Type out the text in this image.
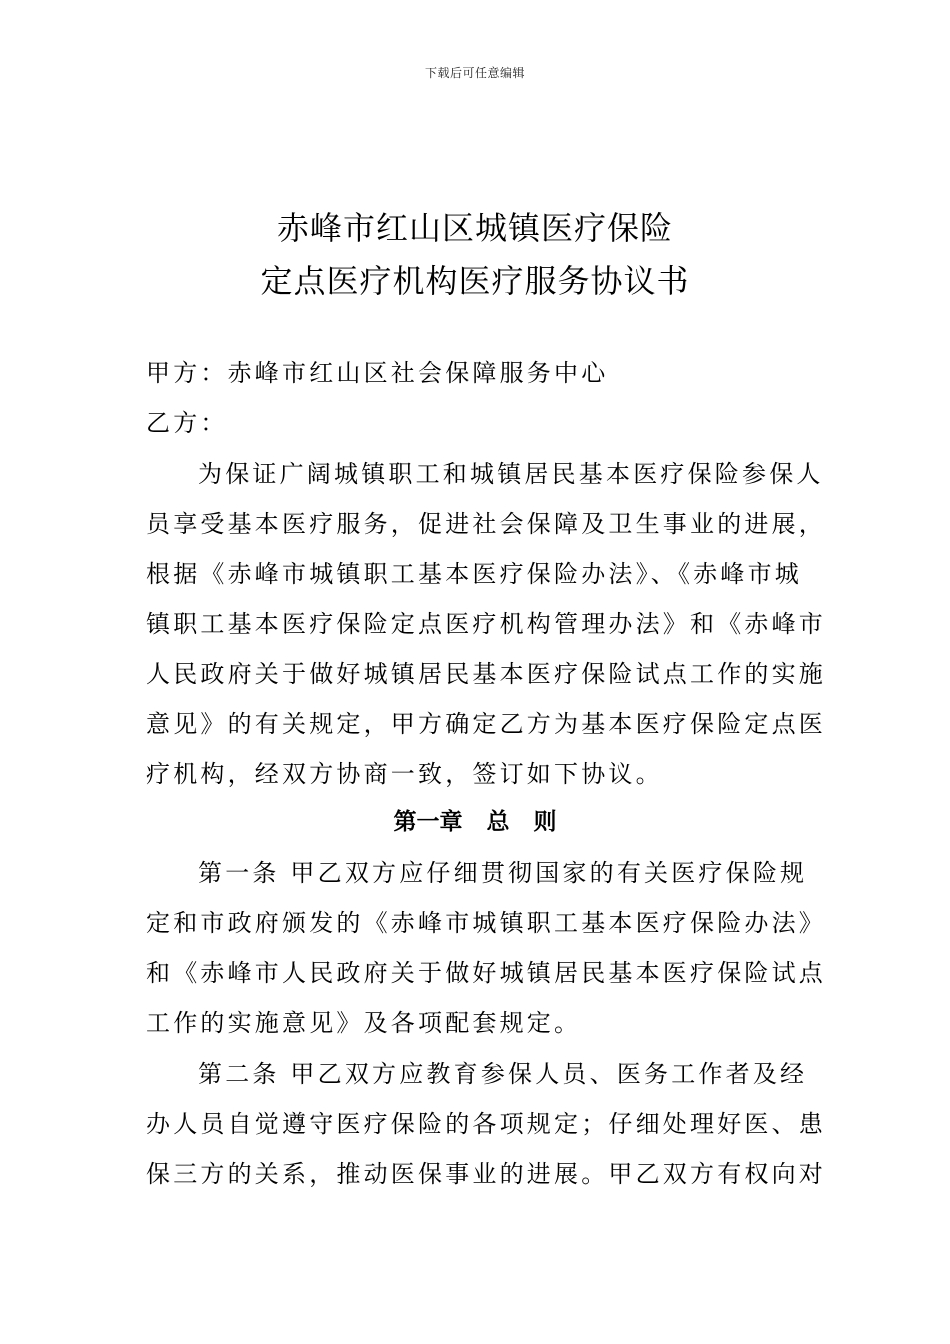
下载后可任意编辑
赤峰市红山区城镇医疗保险
定点医疗机构医疗服务协议书
甲方：赤峰市红山区社会保障服务中心
乙方：
为保证广阔城镇职工和城镇居民基本医疗保险参保人
员享受基本医疗服务，促进社会保障及卫生事业的进展，
根据《赤峰市城镇职工基本医疗保险办法》、《赤峰市城
镇职工基本医疗保险定点医疗机构管理办法》和《赤峰市
人民政府关于做好城镇居民基本医疗保险试点工作的实施
意见》的有关规定，甲方确定乙方为基本医疗保险定点医
疗机构，经双方协商一致，签订如下协议。
第一章   总   则
第一条 甲乙双方应仔细贯彻国家的有关医疗保险规
定和市政府颁发的《赤峰市城镇职工基本医疗保险办法》
和《赤峰市人民政府关于做好城镇居民基本医疗保险试点
工作的实施意见》及各项配套规定。
第二条 甲乙双方应教育参保人员、医务工作者及经
办人员自觉遵守医疗保险的各项规定；仔细处理好医、患
保三方的关系，推动医保事业的进展。甲乙双方有权向对
